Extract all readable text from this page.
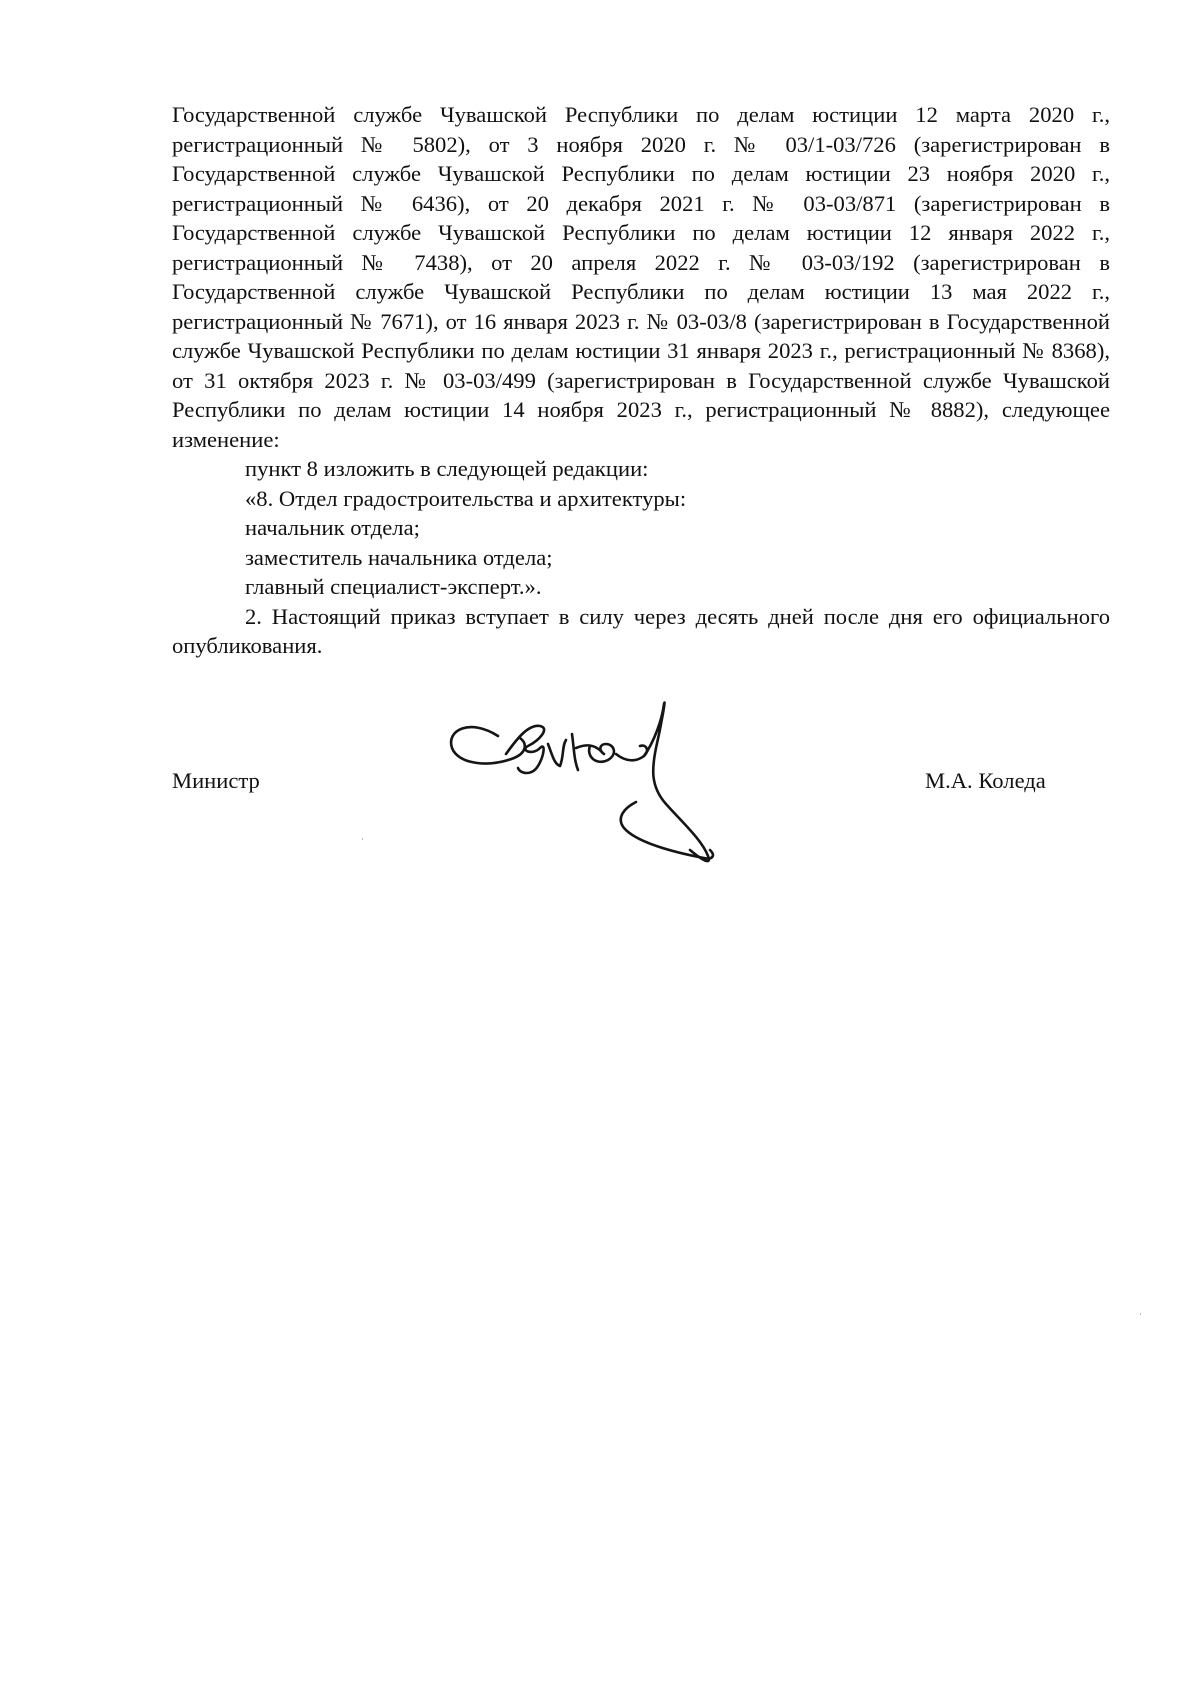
Государственной службе Чувашской Республики по делам юстиции 12 марта 2020 г., регистрационный № 5802), от 3 ноября 2020 г. № 03/1-03/726 (зарегистрирован в Государственной службе Чувашской Республики по делам юстиции 23 ноября 2020 г., регистрационный № 6436), от 20 декабря 2021 г. № 03-03/871 (зарегистрирован в Государственной службе Чувашской Республики по делам юстиции 12 января 2022 г., регистрационный № 7438), от 20 апреля 2022 г. № 03-03/192 (зарегистрирован в Государственной службе Чувашской Республики по делам юстиции 13 мая 2022 г., регистрационный № 7671), от 16 января 2023 г. № 03-03/8 (зарегистрирован в Государственной службе Чувашской Республики по делам юстиции 31 января 2023 г., регистрационный № 8368), от 31 октября 2023 г. № 03-03/499 (зарегистрирован в Государственной службе Чувашской Республики по делам юстиции 14 ноября 2023 г., регистрационный № 8882), следующее изменение:

пункт 8 изложить в следующей редакции:

«8. Отдел градостроительства и архитектуры:

начальник отдела;

заместитель начальника отдела;

главный специалист-эксперт.».

2. Настоящий приказ вступает в силу через десять дней после дня его официального опубликования.

Министр	М.А. Коледа
